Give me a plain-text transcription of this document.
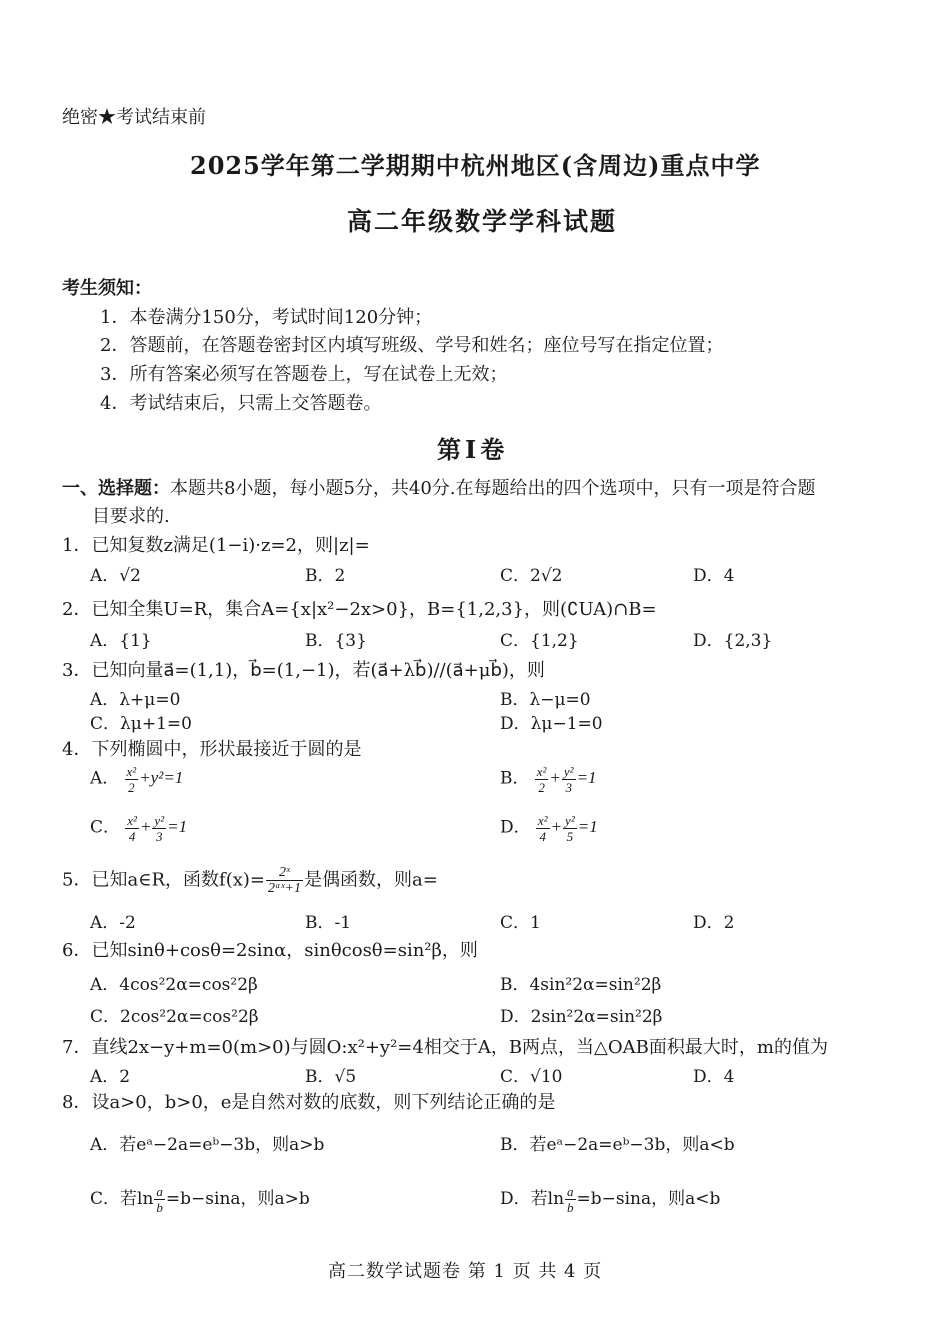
绝密★考试结束前
2025学年第二学期期中杭州地区(含周边)重点中学
高二年级数学学科试题
考生须知：
1．本卷满分150分，考试时间120分钟；
2．答题前，在答题卷密封区内填写班级、学号和姓名；座位号写在指定位置；
3．所有答案必须写在答题卷上，写在试卷上无效；
4．考试结束后，只需上交答题卷。
第Ⅰ卷
一、选择题：本题共8小题，每小题5分，共40分.在每题给出的四个选项中，只有一项是符合题
目要求的.
1．已知复数z满足(1−i)·z=2，则|z|=
A．√2	B．2	C．2√2	D．4
2．已知全集U=R，集合A={x|x²−2x>0}，B={1,2,3}，则(∁UA)∩B=
A．{1}	B．{3}	C．{1,2}	D．{2,3}
3．已知向量a⃗=(1,1)，b⃗=(1,−1)，若(a⃗+λb⃗)//(a⃗+μb⃗)，则
A．λ+μ=0	B．λ−μ=0
C．λμ+1=0	D．λμ−1=0
4．下列椭圆中，形状最接近于圆的是
A． $\frac{\text{x²}}{2} +y^2=1$	B． $\frac{\text{x²}}{2} + \frac{\text{y²}}{3} =1$
C． $\frac{\text{x²}}{4} + \frac{\text{y²}}{3} =1$	D． $\frac{\text{x²}}{4} + \frac{\text{y²}}{5} =1$
5．已知a∈R，函数$f(x)= \frac{\text{2ˣ}}{\text{2ᵃˣ+1}}$ 是偶函数，则a=
A．-2	B．-1	C．1	D．2
6．已知sinθ+cosθ=2sinα，sinθcosθ=sin²β，则
A．4cos²2α=cos²2β	B．4sin²2α=sin²2β
C．2cos²2α=cos²2β	D．2sin²2α=sin²2β
7．直线2x−y+m=0(m>0)与圆O:x²+y²=4相交于A，B两点，当△OAB面积最大时，m的值为
A．2	B．√5	C．√10	D．4
8．设a>0，b>0，e是自然对数的底数，则下列结论正确的是
A．若eᵃ−2a=eᵇ−3b，则a>b	B．若eᵃ−2a=eᵇ−3b，则a<b
C．若$\ln \frac{a}{b} =b-\sin a$，则a>b	D．若$\ln \frac{a}{b} =b-\sin a$，则a<b
高二数学试题卷 第 1 页 共 4 页
